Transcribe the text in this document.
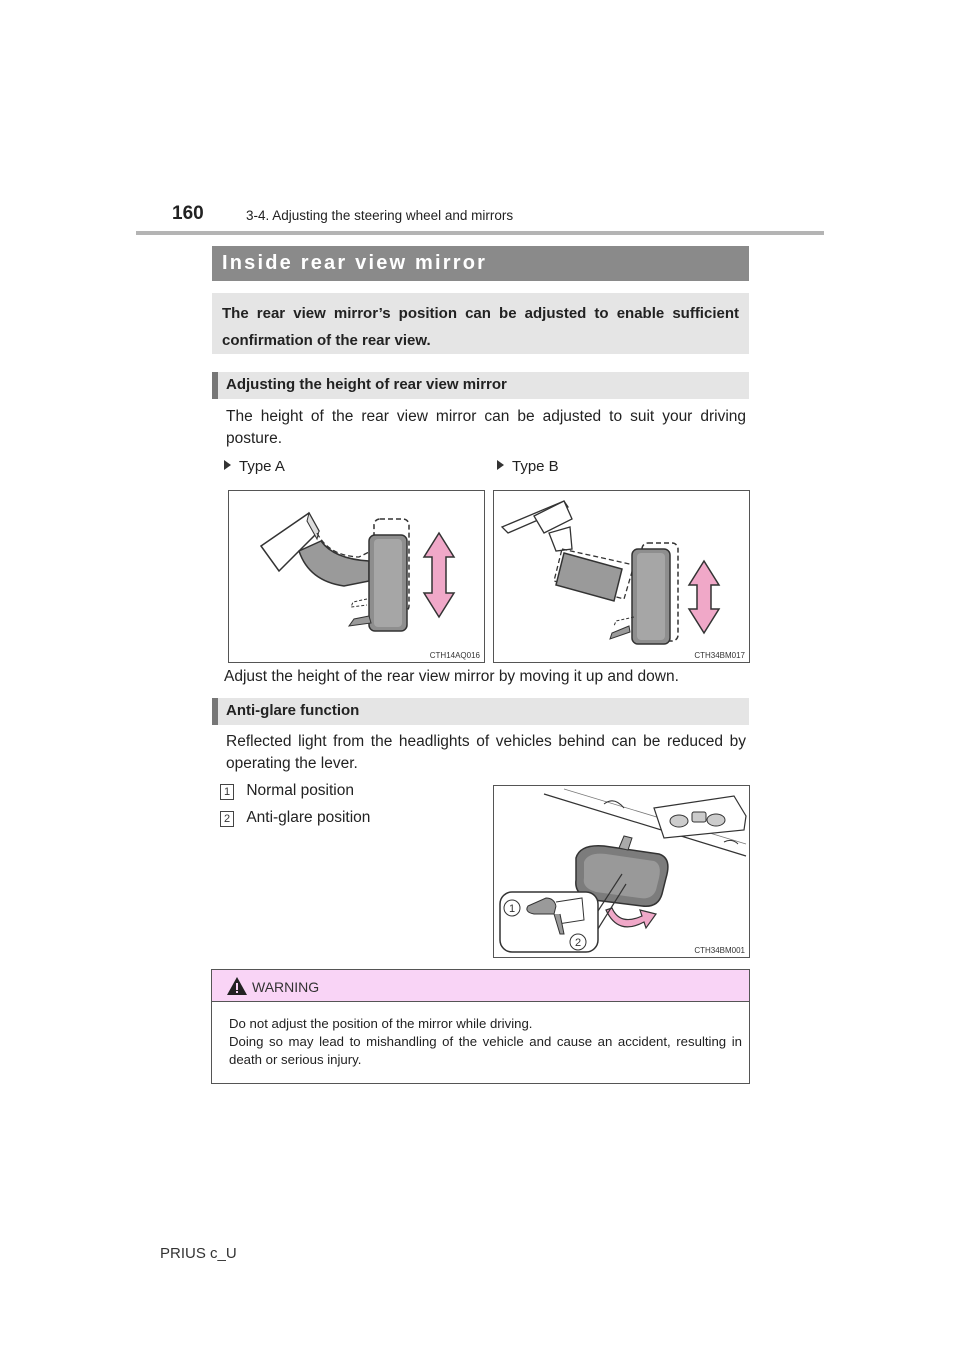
160	3-4. Adjusting the steering wheel and mirrors
Inside rear view mirror
The rear view mirror’s position can be adjusted to enable sufficient confirmation of the rear view.
Adjusting the height of rear view mirror
The height of the rear view mirror can be adjusted to suit your driving posture.
Type A	Type B
CTH14AQ016	CTH34BM017
Adjust the height of the rear view mirror by moving it up and down.
Anti-glare function
Reflected light from the headlights of vehicles behind can be reduced by operating the lever.
1 Normal position
2 Anti-glare position
1
2
CTH34BM001
WARNING
Do not adjust the position of the mirror while driving.
Doing so may lead to mishandling of the vehicle and cause an accident, resulting in death or serious injury.
PRIUS c_U
